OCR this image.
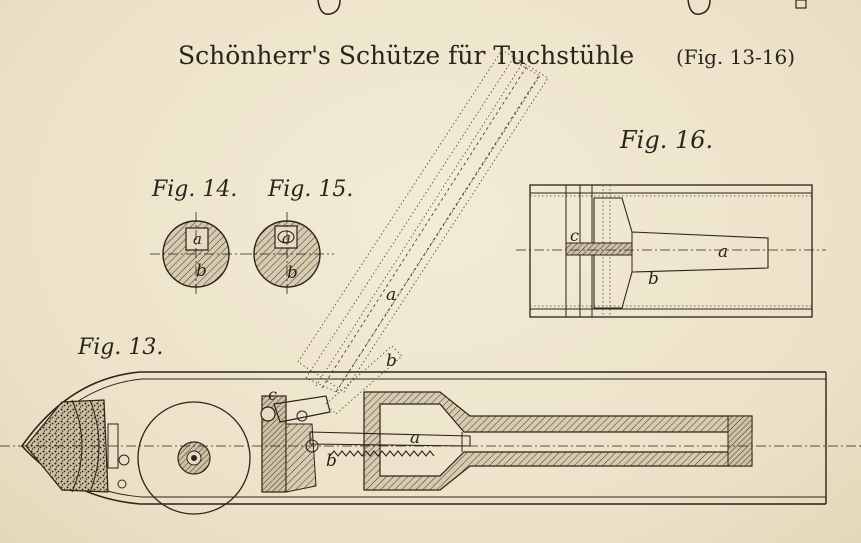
Schönherr's Schütze für Tuchstühle (Fig. 13-16)
Fig. 14.
a
b
Fig. 15.
a
b
Fig. 16.
c
a
b
Fig. 13.
c
a
b
b
a
